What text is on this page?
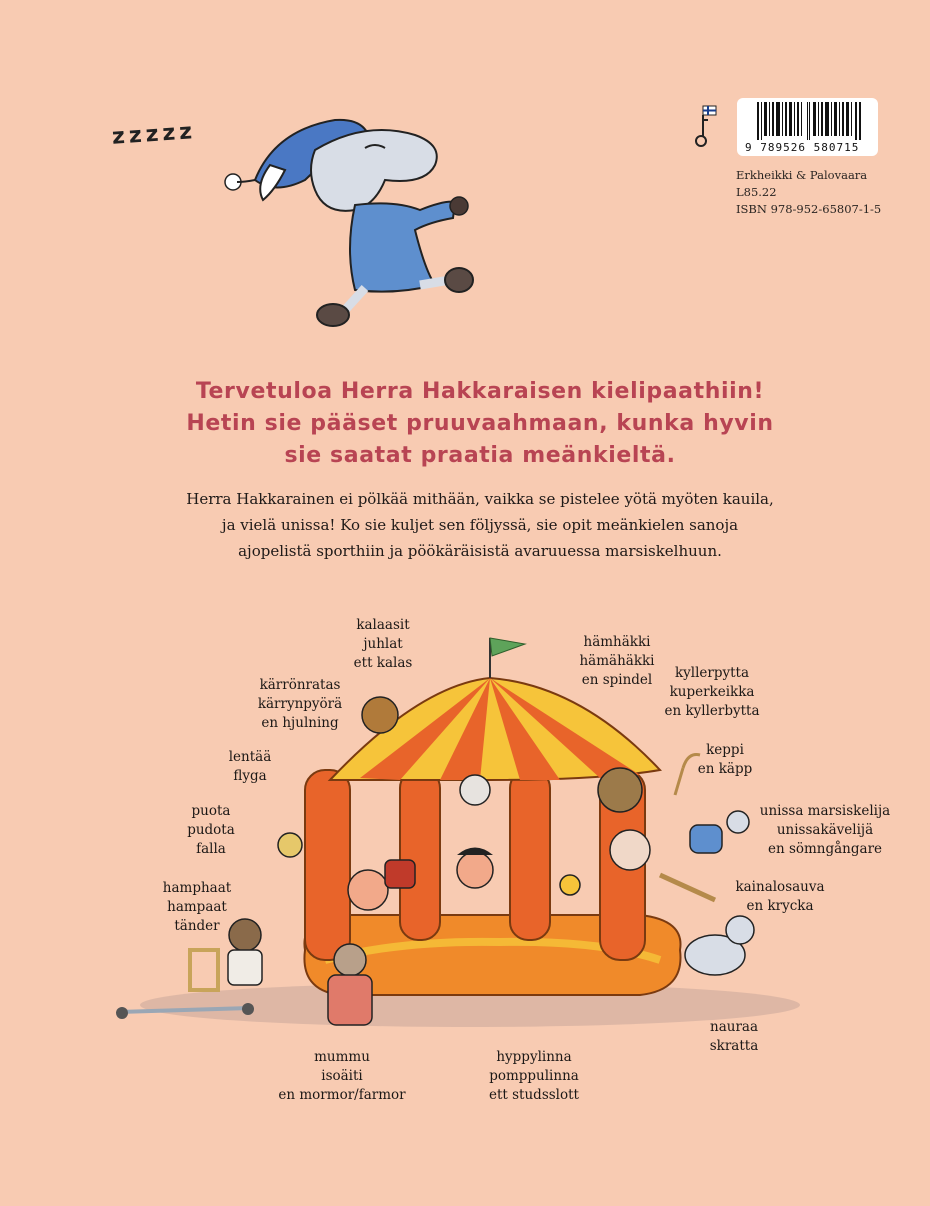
zzzzz	9 789526 580715
Erkheikki & Palovaara
L85.22
ISBN 978-952-65807-1-5
Tervetuloa Herra Hakkaraisen kielipaathiin!
Hetin sie pääset pruuvaahmaan, kunka hyvin
sie saatat praatia meänkieltä.
Herra Hakkarainen ei pölkää mithään, vaikka se pistelee yötä myöten kauila,
ja vielä unissa! Ko sie kuljet sen följyssä, sie opit meänkielen sanoja
ajopelistä sporthiin ja pöökäräisistä avaruuessa marsiskelhuun.
kalaasit
juhlat
ett kalas
hämhäkki
hämähäkki
en spindel	kyllerpytta
kuperkeikka
en kyllerbytta
kärrönratas
kärrynpyörä
en hjulning
keppi
en käpp
lentää
flyga
unissa marsiskelija
unissakävelijä
en sömngångare
puota
pudota
falla
kainalosauva
en krycka
hamphaat
hampaat
tänder
nauraa
skratta
mummu
isoäiti
en mormor/farmor
hyppylinna
pomppulinna
ett studsslott
